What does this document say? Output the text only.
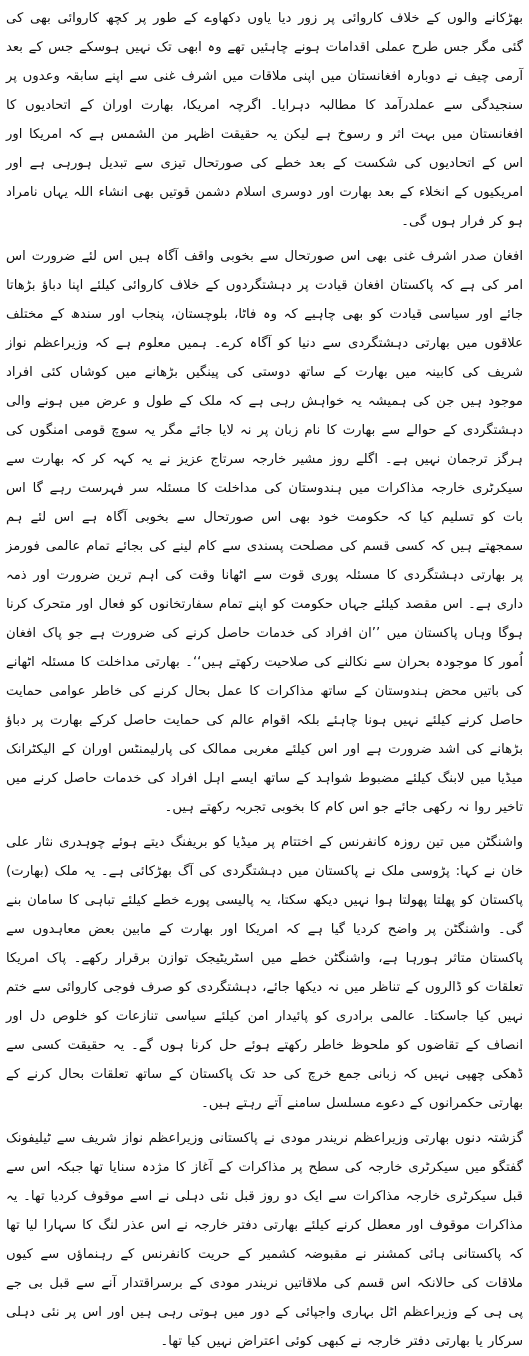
بھڑکانے والوں کے خلاف کاروائی پر زور دیا یاوں دکھاوے کے طور پر کچھ کاروائی بھی کی گئی مگر جس طرح عملی اقدامات ہونے چاہئیں تھے وہ ابھی تک نہیں ہوسکے جس کے بعد آرمی چیف نے دوبارہ افغانستان میں اپنی ملاقات میں اشرف غنی سے اپنے سابقہ وعدوں پر سنجیدگی سے عملدرآمد کا مطالبہ دہرایا۔ اگرچہ امریکا، بھارت اوران کے اتحادیوں کا افغانستان میں بہت اثر و رسوخ ہے لیکن یہ حقیقت اظہر من الشمس ہے کہ امریکا اور اس کے اتحادیوں کی شکست کے بعد خطے کی صورتحال تیزی سے تبدیل ہورہی ہے اور امریکیوں کے انخلاء کے بعد بھارت اور دوسری اسلام دشمن قوتیں بھی انشاء اللہ یہاں نامراد ہو کر فرار ہوں گی۔

افغان صدر اشرف غنی بھی اس صورتحال سے بخوبی واقف آگاہ ہیں اس لئے ضرورت اس امر کی ہے کہ پاکستان افغان قیادت پر دہشتگردوں کے خلاف کاروائی کیلئے اپنا دباؤ بڑھاتا جائے اور سیاسی قیادت کو بھی چاہیے کہ وہ فاٹا، بلوچستان، پنجاب اور سندھ کے مختلف علاقوں میں بھارتی دہشتگردی سے دنیا کو آگاہ کرے۔ ہمیں معلوم ہے کہ وزیراعظم نواز شریف کی کابینہ میں بھارت کے ساتھ دوستی کی پینگیں بڑھانے میں کوشاں کئی افراد موجود ہیں جن کی ہمیشہ یہ خواہش رہی ہے کہ ملک کے طول و عرض میں ہونے والی دہشتگردی کے حوالے سے بھارت کا نام زبان پر نہ لایا جائے مگر یہ سوچ قومی امنگوں کی ہرگز ترجمان نہیں ہے۔ اگلے روز مشیر خارجہ سرتاج عزیز نے یہ کہہ کر کہ بھارت سے سیکرٹری خارجہ مذاکرات میں ہندوستان کی مداخلت کا مسئلہ سر فہرست رہے گا اس بات کو تسلیم کیا کہ حکومت خود بھی اس صورتحال سے بخوبی آگاہ ہے اس لئے ہم سمجھتے ہیں کہ کسی قسم کی مصلحت پسندی سے کام لینے کی بجائے تمام عالمی فورمز پر بھارتی دہشتگردی کا مسئلہ پوری قوت سے اٹھانا وقت کی اہم ترین ضرورت اور ذمہ داری ہے۔ اس مقصد کیلئے جہاں حکومت کو اپنے تمام سفارتخانوں کو فعال اور متحرک کرنا ہوگا وہاں پاکستان میں ’’ان افراد کی خدمات حاصل کرنے کی ضرورت ہے جو پاک افغان اُمور کا موجودہ بحران سے نکالنے کی صلاحیت رکھتے ہیں‘‘۔ بھارتی مداخلت کا مسئلہ اٹھانے کی باتیں محض ہندوستان کے ساتھ مذاکرات کا عمل بحال کرنے کی خاطر عوامی حمایت حاصل کرنے کیلئے نہیں ہونا چاہئے بلکہ اقوام عالم کی حمایت حاصل کرکے بھارت پر دباؤ بڑھانے کی اشد ضرورت ہے اور اس کیلئے مغربی ممالک کی پارلیمنٹس اوران کے الیکٹرانک میڈیا میں لابنگ کیلئے مضبوط شواہد کے ساتھ ایسے اہل افراد کی خدمات حاصل کرنے میں تاخیر روا نہ رکھی جائے جو اس کام کا بخوبی تجربہ رکھتے ہیں۔

واشنگٹن میں تین روزہ کانفرنس کے اختتام پر میڈیا کو بریفنگ دیتے ہوئے چوہدری نثار علی خان نے کہا: پڑوسی ملک نے پاکستان میں دہشتگردی کی آگ بھڑکائی ہے۔ یہ ملک (بھارت) پاکستان کو پھلتا پھولتا ہوا نہیں دیکھ سکتا، یہ پالیسی پورے خطے کیلئے تباہی کا سامان بنے گی۔ واشنگٹن پر واضح کردیا گیا ہے کہ امریکا اور بھارت کے مابین بعض معاہدوں سے پاکستان متاثر ہورہا ہے، واشنگٹن خطے میں اسٹریٹیجک توازن برقرار رکھے۔ پاک امریکا تعلقات کو ڈالروں کے تناظر میں نہ دیکھا جائے، دہشتگردی کو صرف فوجی کاروائی سے ختم نہیں کیا جاسکتا۔ عالمی برادری کو پائیدار امن کیلئے سیاسی تنازعات کو خلوص دل اور انصاف کے تقاضوں کو ملحوظ خاطر رکھتے ہوئے حل کرنا ہوں گے۔ یہ حقیقت کسی سے ڈھکی چھپی نہیں کہ زبانی جمع خرچ کی حد تک پاکستان کے ساتھ تعلقات بحال کرنے کے بھارتی حکمرانوں کے دعوے مسلسل سامنے آتے رہتے ہیں۔

گزشتہ دنوں بھارتی وزیراعظم نریندر مودی نے پاکستانی وزیراعظم نواز شریف سے ٹیلیفونک گفتگو میں سیکرٹری خارجہ کی سطح پر مذاکرات کے آغاز کا مژدہ سنایا تھا جبکہ اس سے قبل سیکرٹری خارجہ مذاکرات سے ایک دو روز قبل نئی دہلی نے اسے موقوف کردیا تھا۔ یہ مذاکرات موقوف اور معطل کرنے کیلئے بھارتی دفتر خارجہ نے اس عذر لنگ کا سہارا لیا تھا کہ پاکستانی ہائی کمشنر نے مقبوضہ کشمیر کے حریت کانفرنس کے رہنماؤں سے کیوں ملاقات کی حالانکہ اس قسم کی ملاقاتیں نریندر مودی کے برسراقتدار آنے سے قبل بی جے پی ہی کے وزیراعظم اٹل بہاری واجپائی کے دور میں ہوتی رہی ہیں اور اس پر نئی دہلی سرکار یا بھارتی دفتر خارجہ نے کبھی کوئی اعتراض نہیں کیا تھا۔
